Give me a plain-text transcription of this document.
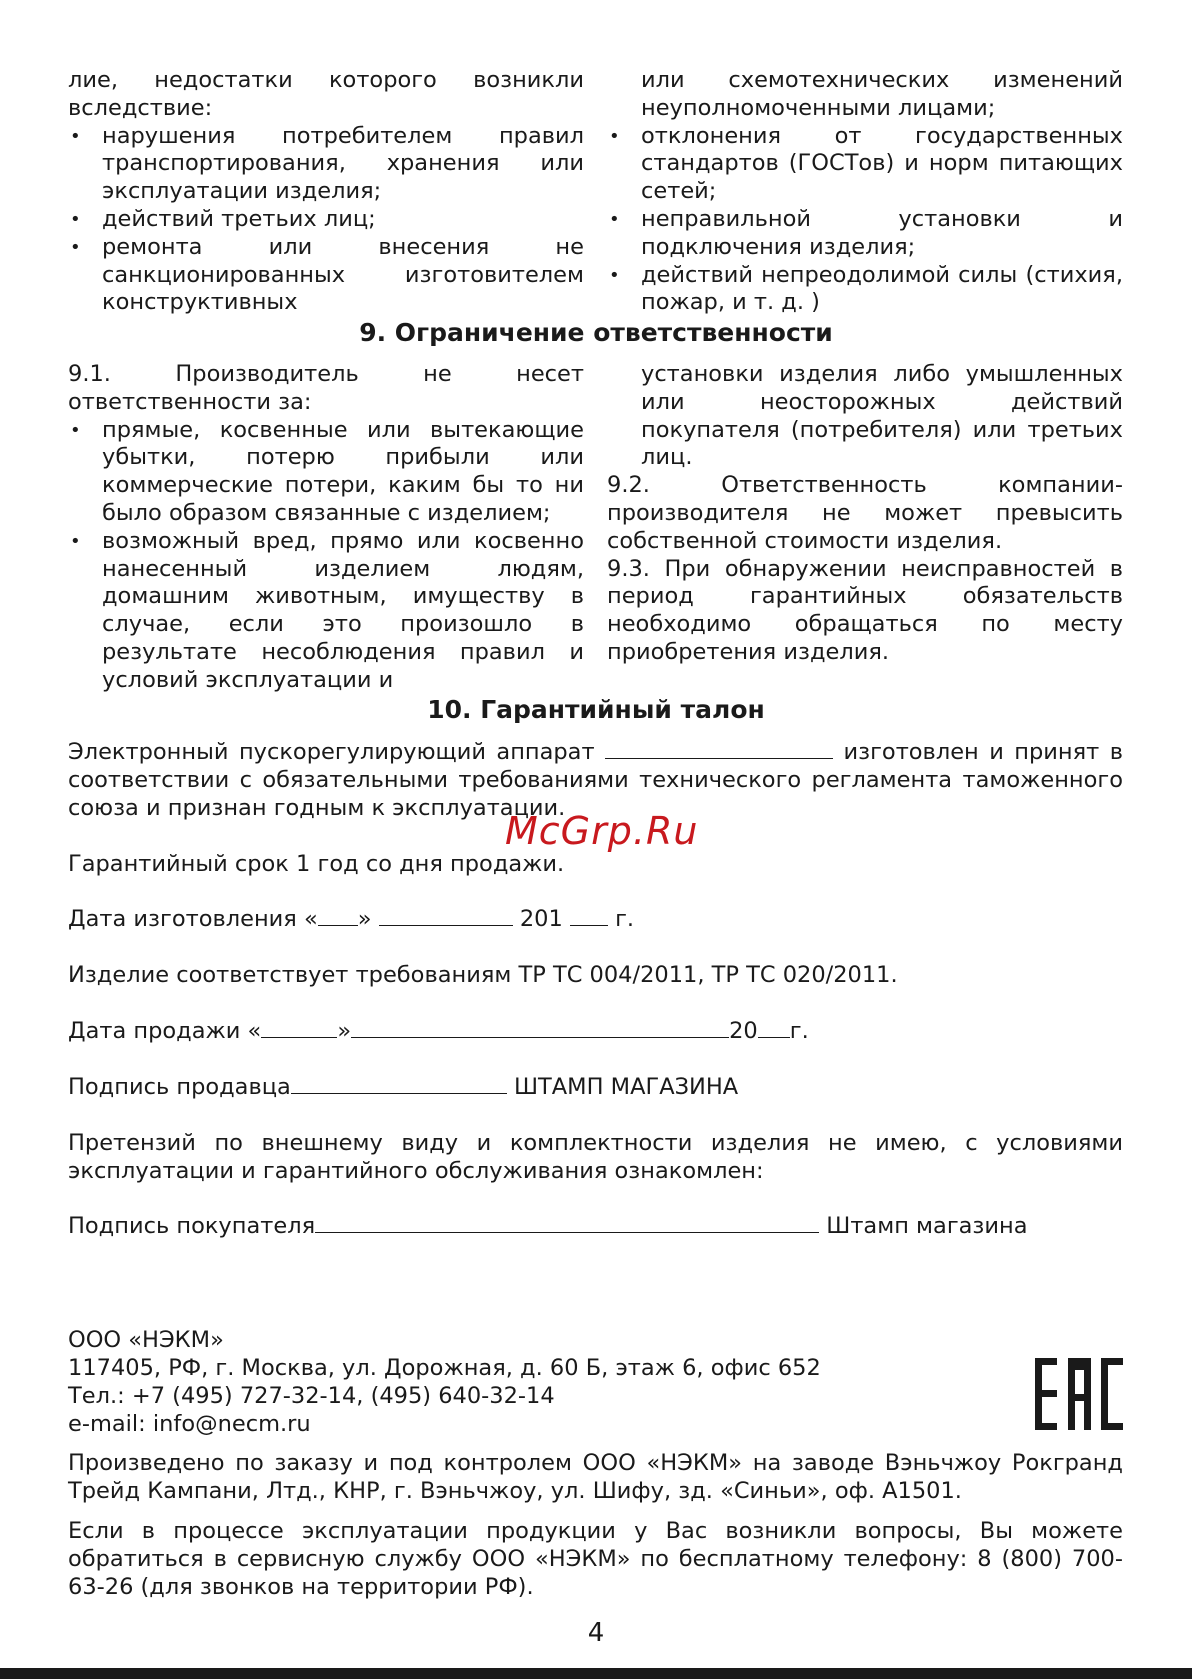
лие, недостатки которого возникли вследствие:

• нарушения потребителем правил транспортирования, хранения или эксплуатации изделия;
• действий третьих лиц;
• ремонта или внесения не санкционированных изготовителем конструктивных
или схемотехнических изменений неуполномоченными лицами;
• отклонения от государственных стандартов (ГОСТов) и норм питающих сетей;
• неправильной установки и подключения изделия;
• действий непреодолимой силы (стихия, пожар, и т. д. )
9. Ограничение ответственности

9.1. Производитель не несет ответственности за:

• прямые, косвенные или вытекающие убытки, потерю прибыли или коммерческие потери, каким бы то ни было образом связанные с изделием;
• возможный вред, прямо или косвенно нанесенный изделием людям, домашним животным, имуществу в случае, если это произошло в результате несоблюдения правил и условий эксплуатации и
установки изделия либо умышленных или неосторожных действий покупателя (потребителя) или третьих лиц.

9.2. Ответственность компании-производителя не может превысить собственной стоимости изделия.

9.3. При обнаружении неисправностей в период гарантийных обязательств необходимо обращаться по месту приобретения изделия.

10. Гарантийный талон

Электронный пускорегулирующий аппарат	изготовлен и принят в соответствии с обязательными требованиями технического регламента таможенного союза и признан годным к эксплуатации.

McGrp.Ru

Гарантийный срок 1 год со дня продажи.

Дата изготовления « »	201 г.

Изделие соответствует требованиям ТР ТС 004/2011, ТР ТС 020/2011.

Дата продажи «	»	20 г.

Подпись продавца	ШТАМП МАГАЗИНА

Претензий по внешнему виду и комплектности изделия не имею, с условиями эксплуатации и гарантийного обслуживания ознакомлен:

Подпись покупателя	Штамп магазина

ООО «НЭКМ»

117405, РФ, г. Москва, ул. Дорожная, д. 60 Б, этаж 6, офис 652

Тел.: +7 (495) 727-32-14, (495) 640-32-14

e-mail: info@necm.ru

Произведено по заказу и под контролем ООО «НЭКМ» на заводе Вэньчжоу Рокгранд Трейд Кампани, Лтд., КНР, г. Вэньчжоу, ул. Шифу, зд. «Синьи», оф. А1501.

Если в процессе эксплуатации продукции у Вас возникли вопросы, Вы можете обратиться в сервисную службу ООО «НЭКМ» по бесплатному телефону: 8 (800) 700-63-26 (для звонков на территории РФ).

4
